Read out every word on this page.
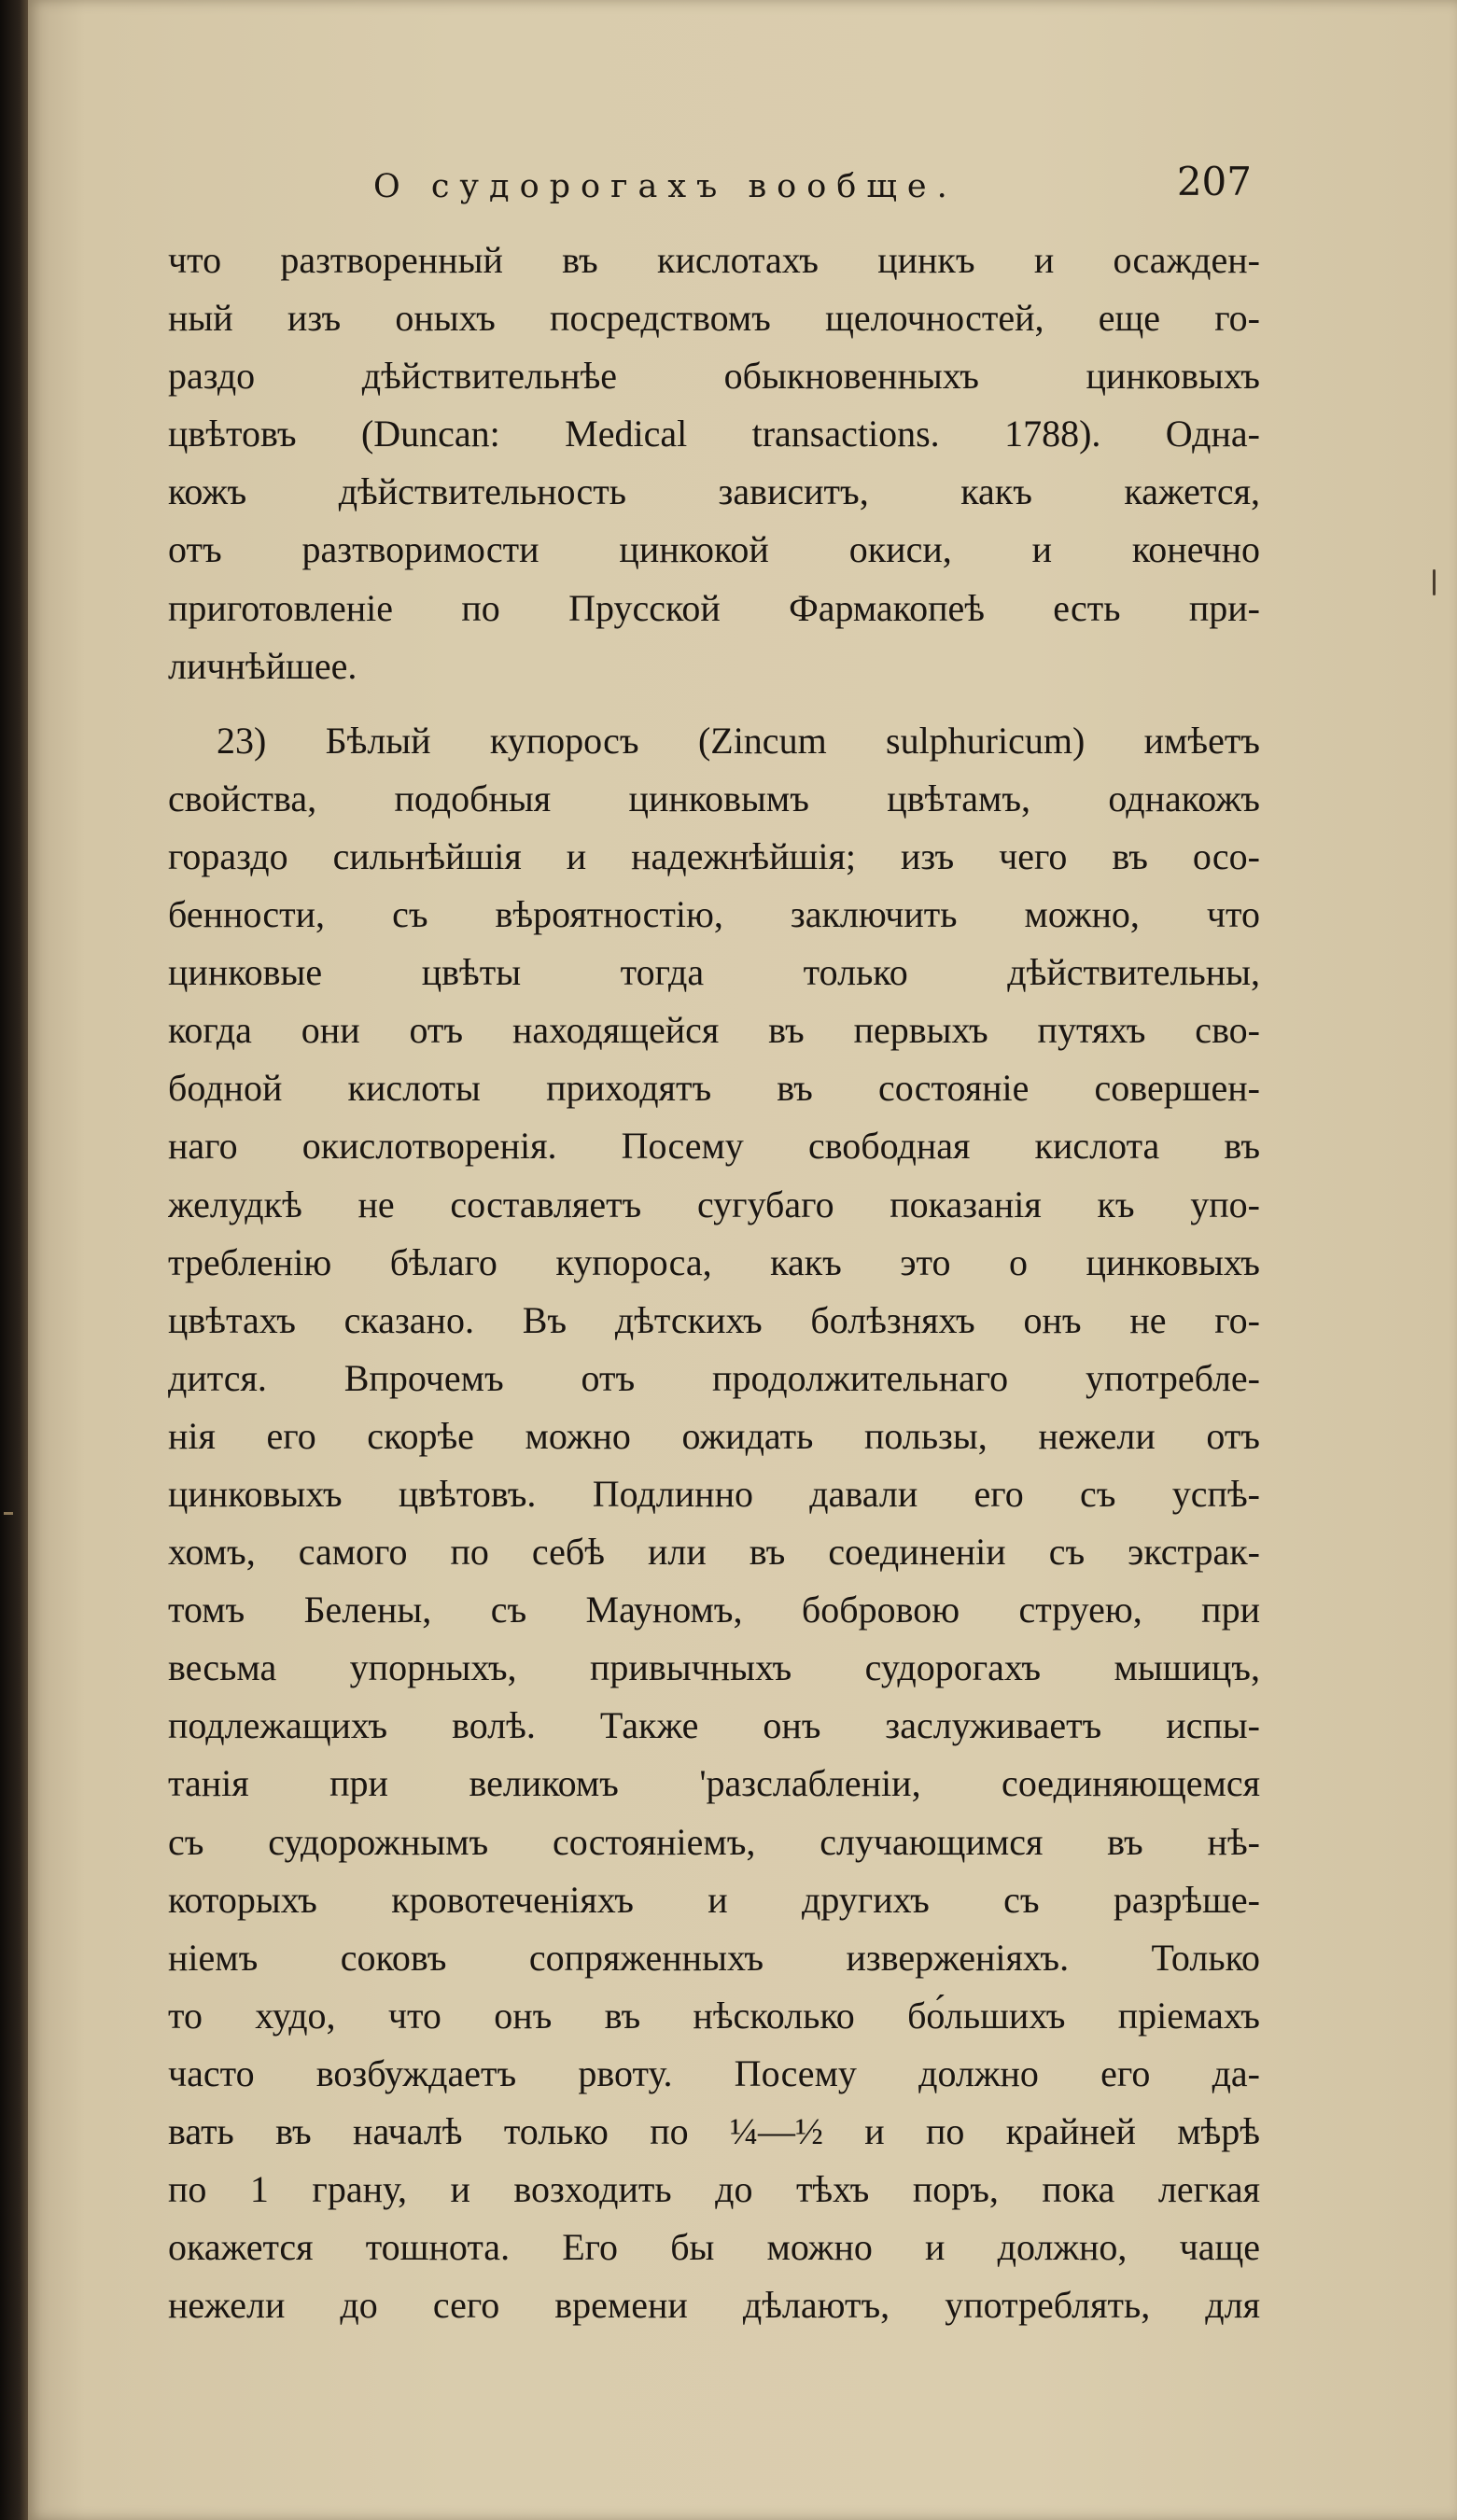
О судорогахъ вообще.	207
что разтворенный въ кислотахъ цинкъ и осажден-
ный изъ оныхъ посредствомъ щелочностей, еще го-
раздо дѣйствительнѣе обыкновенныхъ цинковыхъ
цвѣтовъ (Duncan: Medical transactions. 1788). Одна-
кожъ дѣйствительность зависитъ, какъ кажется,
отъ разтворимости цинкокой окиси, и конечно
приготовленіе по Прусской Фармакопеѣ есть при-
личнѣйшее.
23) Бѣлый купоросъ (Zincum sulphuricum) имѣетъ
свойства, подобныя цинковымъ цвѣтамъ, однакожъ
гораздо сильнѣйшія и надежнѣйшія; изъ чего въ осо-
бенности, съ вѣроятностію, заключить можно, что
цинковые цвѣты тогда только дѣйствительны,
когда они отъ находящейся въ первыхъ путяхъ сво-
бодной кислоты приходятъ въ состояніе совершен-
наго окислотворенія. Посему свободная кислота въ
желудкѣ не составляетъ сугубаго показанія къ упо-
треблeнію бѣлаго купороса, какъ это о цинковыхъ
цвѣтахъ сказано. Въ дѣтскихъ болѣзняхъ онъ не го-
дится. Впрочемъ отъ продолжительнаго употребле-
нія его скорѣе можно ожидать пользы, нежели отъ
цинковыхъ цвѣтовъ. Подлинно давали его съ успѣ-
хомъ, самого по себѣ или въ соединеніи съ экстрак-
томъ Белены, съ Мауномъ, бобровою струею, при
весьма упорныхъ, привычныхъ судорогахъ мышицъ,
подлежащихъ волѣ. Также онъ заслуживаетъ испы-
танія при великомъ 'разслабленіи, соединяющемся
съ судорожнымъ состояніемъ, случающимся въ нѣ-
которыхъ кровотеченіяхъ и другихъ съ разрѣше-
ніемъ соковъ сопряженныхъ изверженіяхъ. Только
то худо, что онъ въ нѣсколько бо́льшихъ пріемахъ
часто возбуждаетъ рвоту. Посему должно его да-
вать въ началѣ только по ¼—½ и по крайней мѣрѣ
по 1 грану, и возходить до тѣхъ поръ, пока легкая
окажется тошнота. Его бы можно и должно, чаще
нежели до сего времени дѣлаютъ, употреблять, для
